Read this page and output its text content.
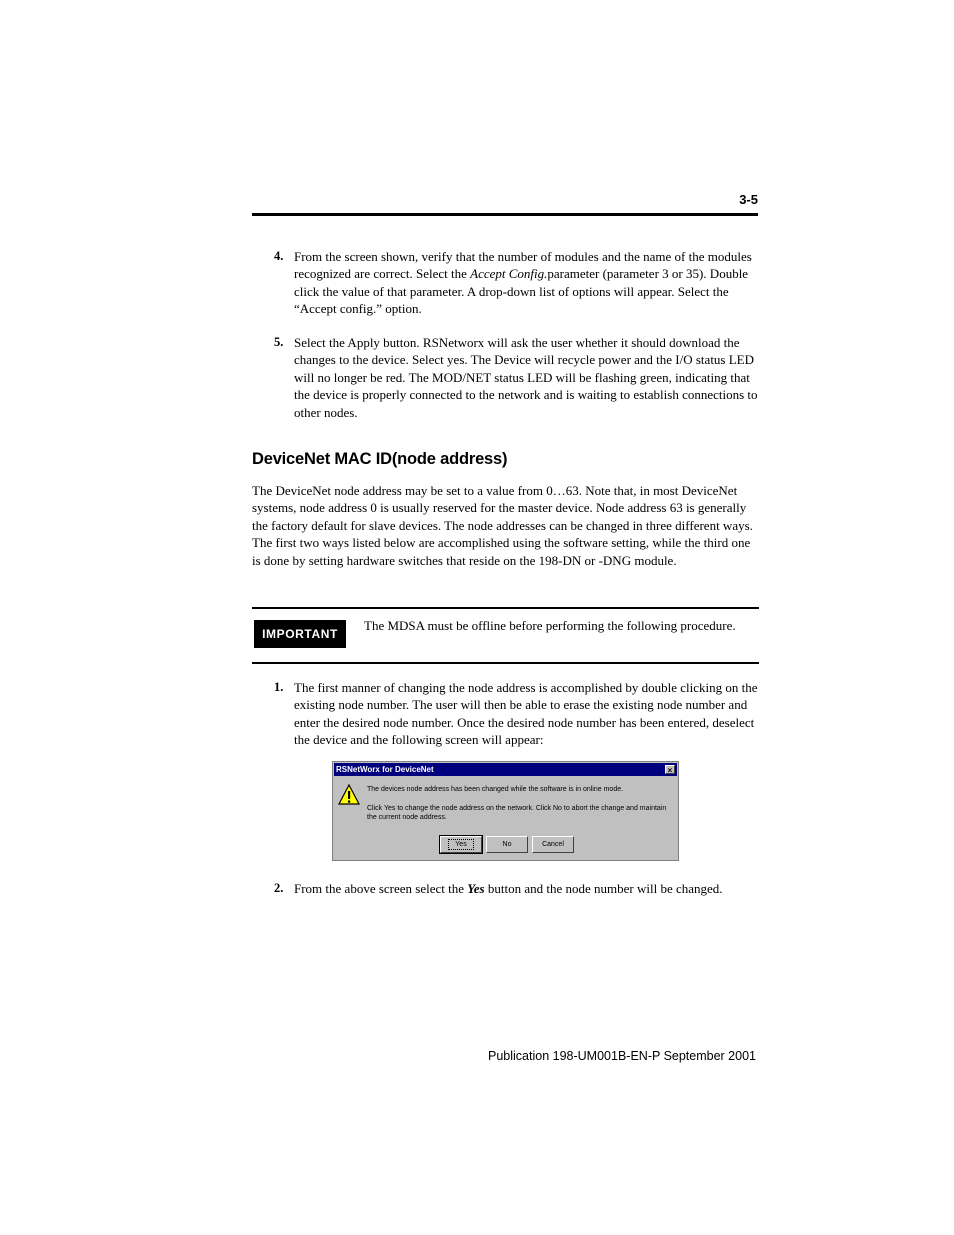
3-5
4. From the screen shown, verify that the number of modules and the name of the modules recognized are correct. Select the Accept Config.parameter (parameter 3 or 35). Double click the value of that parameter. A drop-down list of options will appear. Select the “Accept config.” option.
5. Select the Apply button. RSNetworx will ask the user whether it should download the changes to the device. Select yes. The Device will recycle power and the I/O status LED will no longer be red. The MOD/NET status LED will be flashing green, indicating that the device is properly connected to the network and is waiting to establish connections to other nodes.
DeviceNet MAC ID(node address)
The DeviceNet node address may be set to a value from 0…63. Note that, in most DeviceNet systems, node address 0 is usually reserved for the master device. Node address 63 is generally the factory default for slave devices. The node addresses can be changed in three different ways. The first two ways listed below are accomplished using the software setting, while the third one is done by setting hardware switches that reside on the 198-DN or -DNG module.
IMPORTANT
The MDSA must be offline before performing the following procedure.
1. The first manner of changing the node address is accomplished by double clicking on the existing node number. The user will then be able to erase the existing node number and enter the desired node number. Once the desired node number has been entered, deselect the device and the following screen will appear:
RSNetWorx for DeviceNet	×
The devices node address has been changed while the software is in online mode.
Click Yes to change the node address on the network. Click No to abort the change and maintain the current node address.
Yes	No	Cancel
2. From the above screen select the Yes button and the node number will be changed.
Publication 198-UM001B-EN-P September 2001
